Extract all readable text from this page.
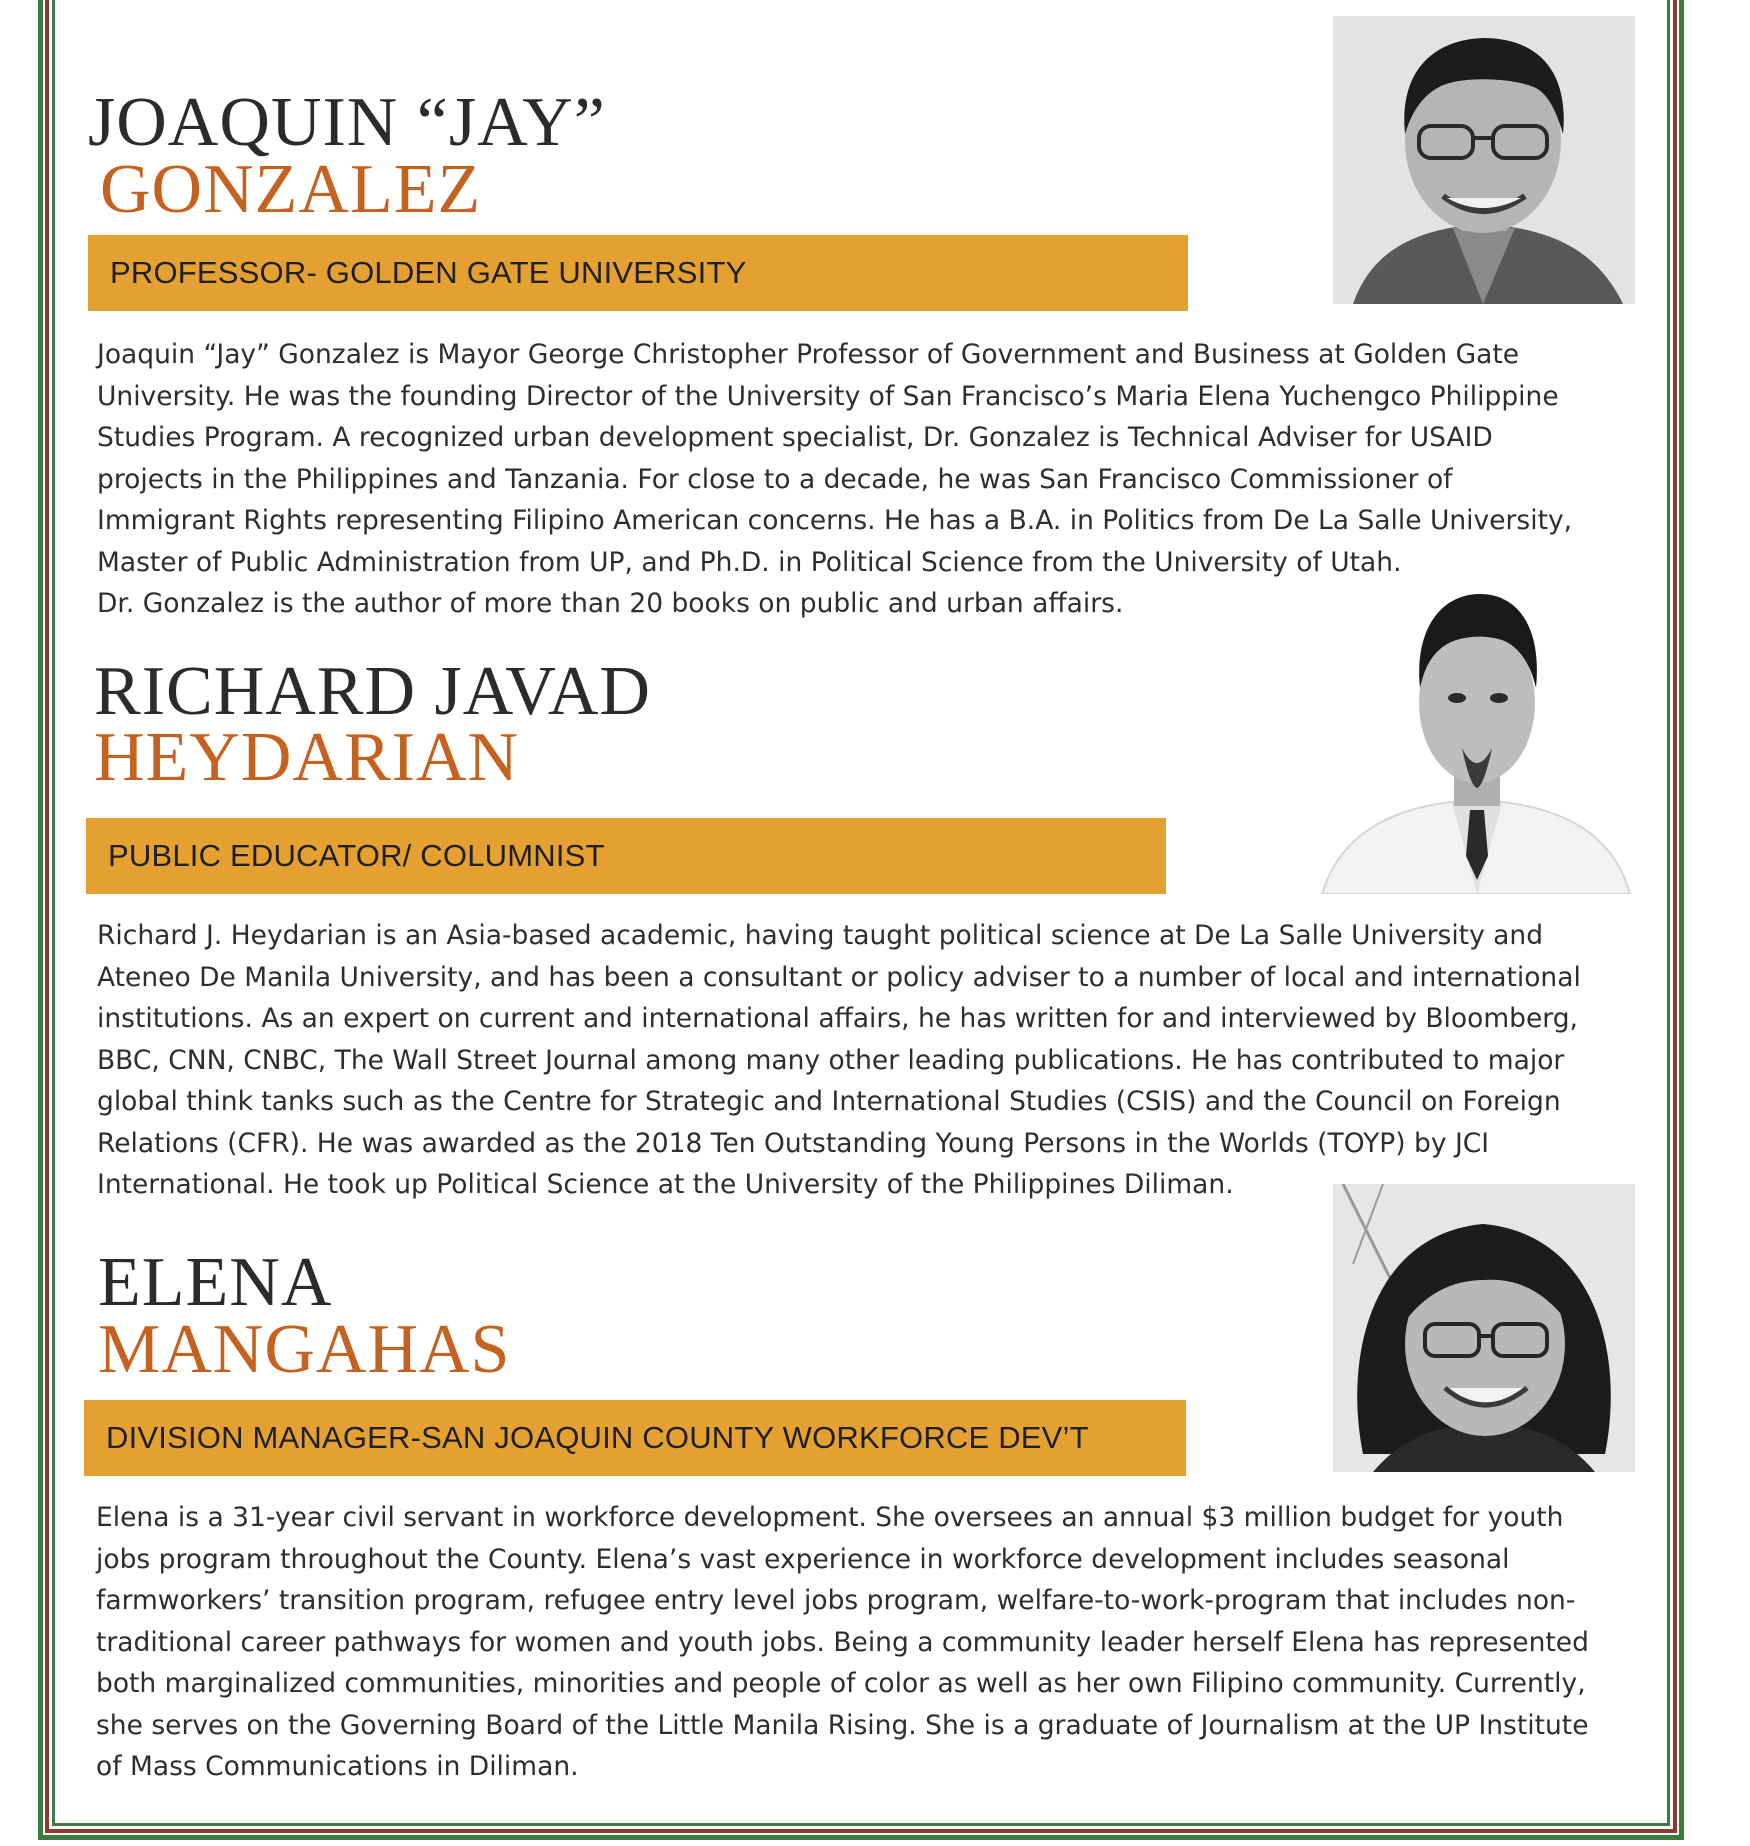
JOAQUIN “JAY”
GONZALEZ
PROFESSOR- GOLDEN GATE UNIVERSITY

Joaquin “Jay” Gonzalez is Mayor George Christopher Professor of Government and Business at Golden Gate
University. He was the founding Director of the University of San Francisco’s Maria Elena Yuchengco Philippine
Studies Program. A recognized urban development specialist, Dr. Gonzalez is Technical Adviser for USAID
projects in the Philippines and Tanzania. For close to a decade, he was San Francisco Commissioner of
Immigrant Rights representing Filipino American concerns. He has a B.A. in Politics from De La Salle University,
Master of Public Administration from UP, and Ph.D. in Political Science from the University of Utah.
Dr. Gonzalez is the author of more than 20 books on public and urban affairs.

RICHARD JAVAD
HEYDARIAN
PUBLIC EDUCATOR/ COLUMNIST

Richard J. Heydarian is an Asia-based academic, having taught political science at De La Salle University and
Ateneo De Manila University, and has been a consultant or policy adviser to a number of local and international
institutions. As an expert on current and international affairs, he has written for and interviewed by Bloomberg,
BBC, CNN, CNBC, The Wall Street Journal among many other leading publications. He has contributed to major
global think tanks such as the Centre for Strategic and International Studies (CSIS) and the Council on Foreign
Relations (CFR). He was awarded as the 2018 Ten Outstanding Young Persons in the Worlds (TOYP) by JCI
International. He took up Political Science at the University of the Philippines Diliman.

ELENA
MANGAHAS
DIVISION MANAGER-SAN JOAQUIN COUNTY WORKFORCE DEV’T

Elena is a 31-year civil servant in workforce development. She oversees an annual $3 million budget for youth
jobs program throughout the County. Elena’s vast experience in workforce development includes seasonal
farmworkers’ transition program, refugee entry level jobs program, welfare-to-work-program that includes non-
traditional career pathways for women and youth jobs. Being a community leader herself Elena has represented
both marginalized communities, minorities and people of color as well as her own Filipino community. Currently,
she serves on the Governing Board of the Little Manila Rising. She is a graduate of Journalism at the UP Institute
of Mass Communications in Diliman.
